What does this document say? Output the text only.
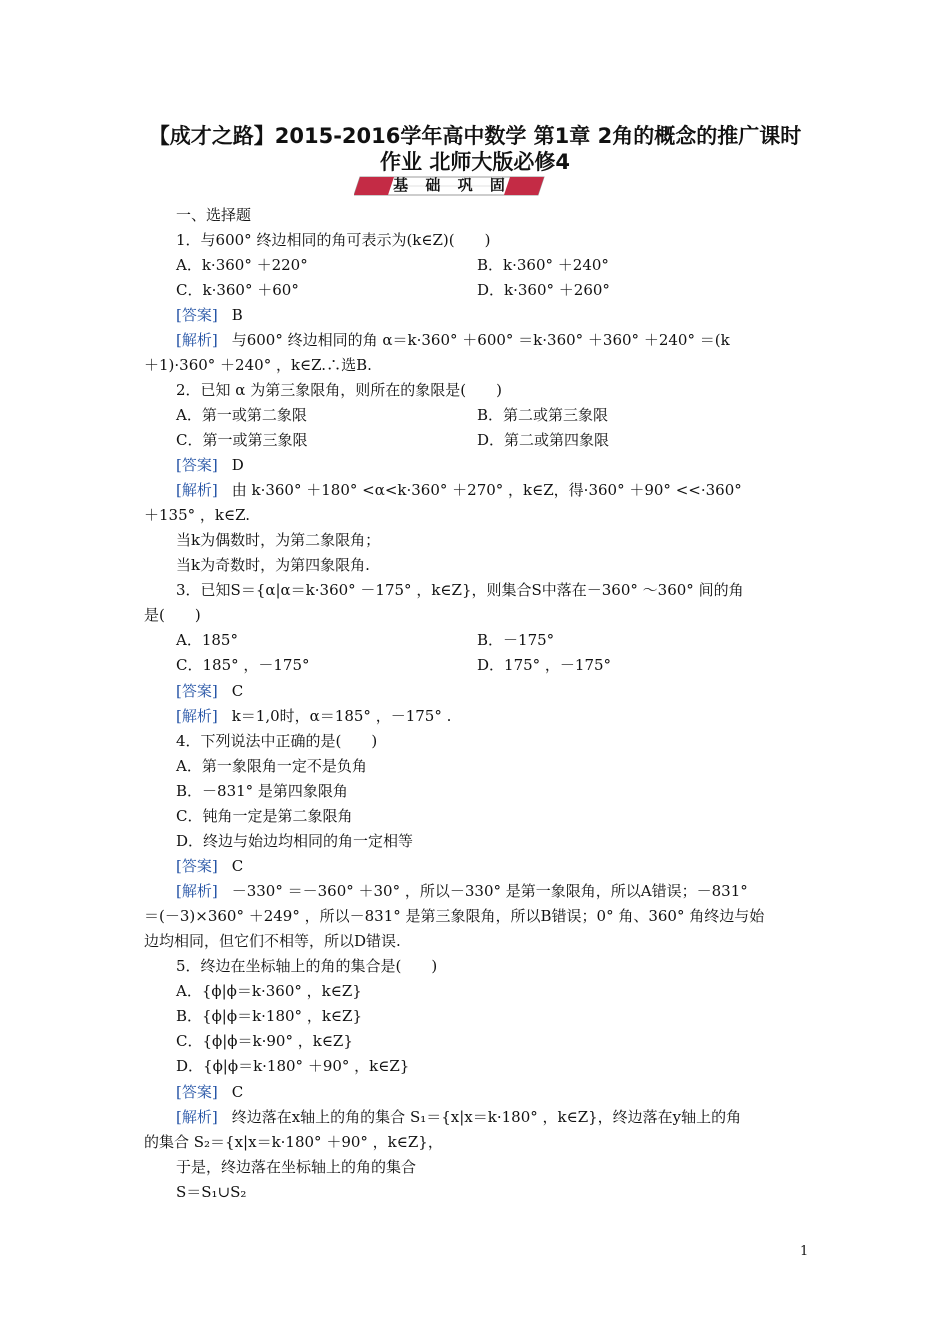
【成才之路】2015-2016学年高中数学 第1章 2角的概念的推广课时
作业 北师大版必修4
基 础 巩 固
一、选择题
1．与600° 终边相同的角可表示为(k∈Z)(　　)
A．k·360° ＋220°	B．k·360° ＋240°
C．k·360° ＋60°	D．k·360° ＋260°
[答案] B
[解析] 与600° 终边相同的角 α＝k·360° ＋600° ＝k·360° ＋360° ＋240° ＝(k
＋1)·360° ＋240° ，k∈Z.∴选B.
2．已知 α 为第三象限角，则所在的象限是(　　)
A．第一或第二象限	B．第二或第三象限
C．第一或第三象限	D．第二或第四象限
[答案] D
[解析] 由 k·360° ＋180° <α<k·360° ＋270° ，k∈Z，得·360° ＋90° <<·360°
＋135° ，k∈Z.
当k为偶数时，为第二象限角；
当k为奇数时，为第四象限角.
3．已知S＝{α|α＝k·360° －175° ，k∈Z}，则集合S中落在－360° ～360° 间的角
是(　　)
A．185°	B．－175°
C．185° ，－175°	D．175° ，－175°
[答案] C
[解析] k＝1,0时，α＝185° ，－175° .
4．下列说法中正确的是(　　)
A．第一象限角一定不是负角
B．－831° 是第四象限角
C．钝角一定是第二象限角
D．终边与始边均相同的角一定相等
[答案] C
[解析] －330° ＝－360° ＋30° ，所以－330° 是第一象限角，所以A错误；－831°
＝(－3)×360° ＋249° ，所以－831° 是第三象限角，所以B错误；0° 角、360° 角终边与始
边均相同，但它们不相等，所以D错误.
5．终边在坐标轴上的角的集合是(　　)
A．{ϕ|ϕ＝k·360° ，k∈Z}
B．{ϕ|ϕ＝k·180° ，k∈Z}
C．{ϕ|ϕ＝k·90° ，k∈Z}
D．{ϕ|ϕ＝k·180° ＋90° ，k∈Z}
[答案] C
[解析] 终边落在x轴上的角的集合 S₁＝{x|x＝k·180° ，k∈Z}，终边落在y轴上的角
的集合 S₂＝{x|x＝k·180° ＋90° ，k∈Z}，
于是，终边落在坐标轴上的角的集合
S＝S₁∪S₂
1
